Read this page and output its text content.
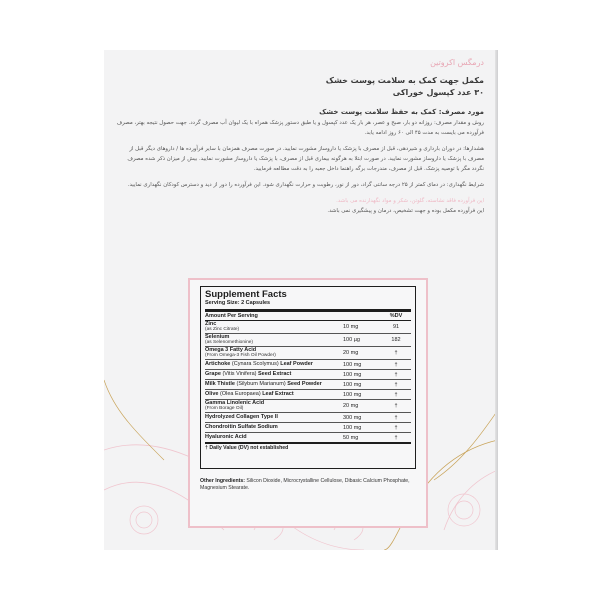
درمگس اکروتین
مکمل جهت کمک به سلامت پوست خشک
۳۰ عدد کپسول خوراکی
مورد مصرف: کمک به حفظ سلامت پوست خشک
روش و مقدار مصرف: روزانه دو بار، صبح و عصر، هر بار یک عدد کپسول و یا طبق دستور پزشک همراه با یک لیوان آب مصرف گردد. جهت حصول نتیجه بهتر، مصرف فرآورده می بایست به مدت ۴۵ الی ۶۰ روز ادامه یابد.
هشدارها: در دوران بارداری و شیردهی، قبل از مصرف با پزشک یا داروساز مشورت نمایید. در صورت مصرف همزمان با سایر فرآورده ها / داروهای دیگر قبل از مصرف با پزشک یا داروساز مشورت نمایید. در صورت ابتلا به هرگونه بیماری قبل از مصرف، با پزشک یا داروساز مشورت نمایید. بیش از میزان ذکر شده مصرف نگردد مگر با توصیه پزشک. قبل از مصرف، مندرجات برگه راهنما داخل جعبه را به دقت مطالعه فرمایید.
شرایط نگهداری: در دمای کمتر از ۲۵ درجه سانتی گراد، دور از نور، رطوبت و حرارت نگهداری شود. این فرآورده را دور از دید و دسترس کودکان نگهداری نمایید.
این فرآورده فاقد نشاسته، گلوتن، شکر و مواد نگهدارنده می باشد.
این فرآورده مکمل بوده و جهت تشخیص، درمان و پیشگیری نمی باشد.
Supplement Facts
Serving Size: 2 Capsules
Amount Per Serving	%DV
Zinc
(as Zinc Citrate)	10 mg	91
Selenium
(as Selenomethionine)	100 µg	182
Omega 3 Fatty Acid
(From Omega-3 Fish Oil Powder)	20 mg	†
Artichoke (Cynara Scolymus) Leaf Powder	100 mg	†
Grape (Vitis Vinifera) Seed Extract	100 mg	†
Milk Thistle (Silybum Marianum) Seed Powder	100 mg	†
Olive (Olea Europaea) Leaf Extract	100 mg	†
Gamma Linolenic Acid
(From Borage Oil)	20 mg	†
Hydrolyzed Collagen Type II	300 mg	†
Chondroitin Sulfate Sodium	100 mg	†
Hyaluronic Acid	50 mg	†
† Daily Value (DV) not established
Other Ingredients: Silicon Dioxide, Microcrystalline Cellulose, Dibasic Calcium Phosphate, Magnesium Stearate.
